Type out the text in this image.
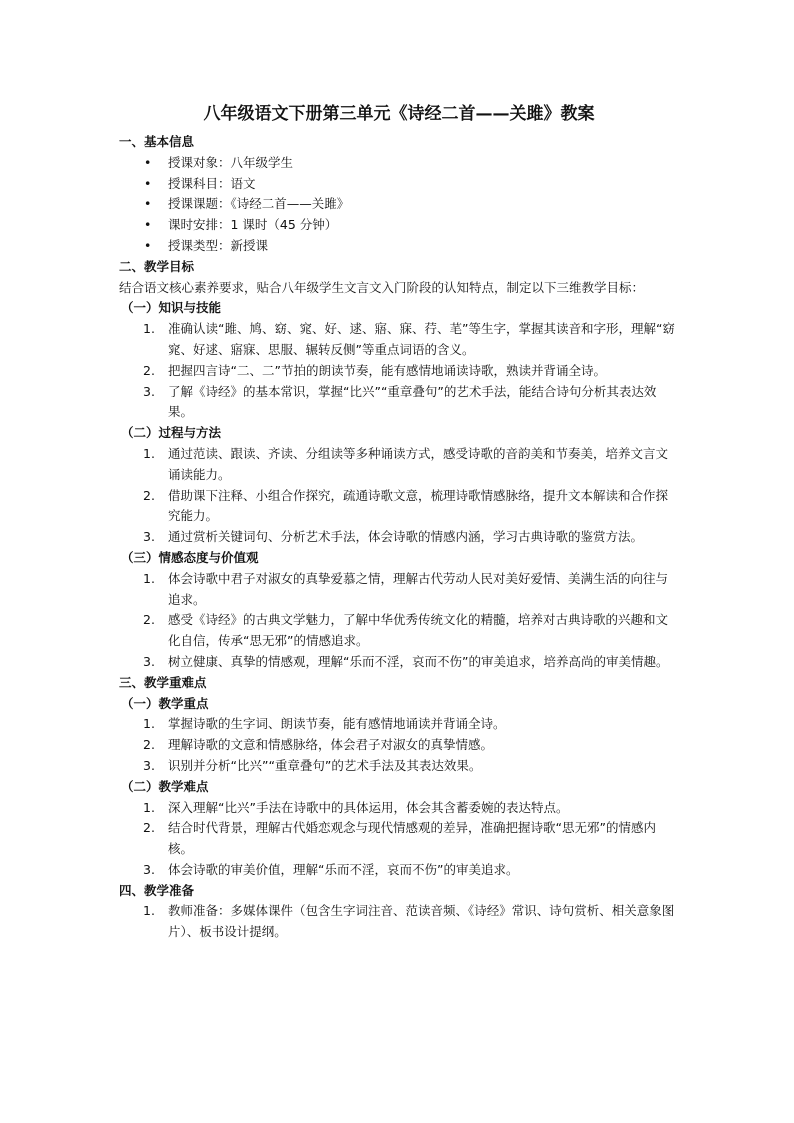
八年级语文下册第三单元《诗经二首——关雎》教案
一、基本信息
• 授课对象：八年级学生
• 授课科目：语文
• 授课课题：《诗经二首——关雎》
• 课时安排：1 课时（45 分钟）
• 授课类型：新授课
二、教学目标

结合语文核心素养要求，贴合八年级学生文言文入门阶段的认知特点，制定以下三维教学目标：

（一）知识与技能
1. 准确认读“雎、鸠、窈、窕、好、逑、寤、寐、荇、芼”等生字，掌握其读音和字形，理解“窈窕、好逑、寤寐、思服、辗转反侧”等重点词语的含义。
2. 把握四言诗“二、二”节拍的朗读节奏，能有感情地诵读诗歌，熟读并背诵全诗。
3. 了解《诗经》的基本常识，掌握“比兴”“重章叠句”的艺术手法，能结合诗句分析其表达效果。
（二）过程与方法
1. 通过范读、跟读、齐读、分组读等多种诵读方式，感受诗歌的音韵美和节奏美，培养文言文诵读能力。
2. 借助课下注释、小组合作探究，疏通诗歌文意，梳理诗歌情感脉络，提升文本解读和合作探究能力。
3. 通过赏析关键词句、分析艺术手法，体会诗歌的情感内涵，学习古典诗歌的鉴赏方法。
（三）情感态度与价值观
1. 体会诗歌中君子对淑女的真挚爱慕之情，理解古代劳动人民对美好爱情、美满生活的向往与追求。
2. 感受《诗经》的古典文学魅力，了解中华优秀传统文化的精髓，培养对古典诗歌的兴趣和文化自信，传承“思无邪”的情感追求。
3. 树立健康、真挚的情感观，理解“乐而不淫，哀而不伤”的审美追求，培养高尚的审美情趣。
三、教学重难点
（一）教学重点
1. 掌握诗歌的生字词、朗读节奏，能有感情地诵读并背诵全诗。
2. 理解诗歌的文意和情感脉络，体会君子对淑女的真挚情感。
3. 识别并分析“比兴”“重章叠句”的艺术手法及其表达效果。
（二）教学难点
1. 深入理解“比兴”手法在诗歌中的具体运用，体会其含蓄委婉的表达特点。
2. 结合时代背景，理解古代婚恋观念与现代情感观的差异，准确把握诗歌“思无邪”的情感内核。
3. 体会诗歌的审美价值，理解“乐而不淫，哀而不伤”的审美追求。
四、教学准备
1. 教师准备：多媒体课件（包含生字词注音、范读音频、《诗经》常识、诗句赏析、相关意象图片）、板书设计提纲。
